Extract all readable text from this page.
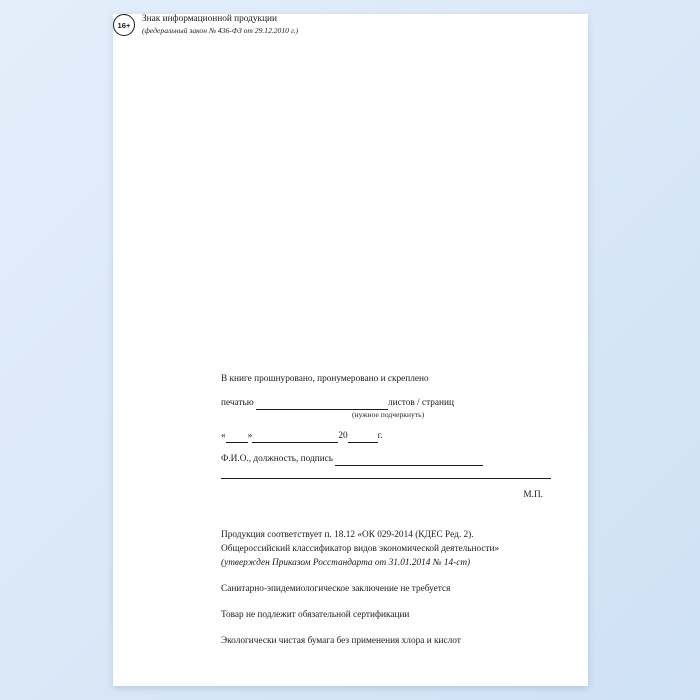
В книге прошнуровано, пронумеровано и скреплено
печатью	листов / страниц
(нужное подчеркнуть)
« »	20	г.
Ф.И.О., должность, подпись
М.П.
Продукция соответствует п. 18.12 «ОК 029-2014 (КДЕС Ред. 2).
Общероссийский классификатор видов экономической деятельности»
(утвержден Приказом Росстандарта от 31.01.2014 № 14-ст)
Санитарно-эпидемиологическое заключение не требуется
Товар не подлежит обязательной сертификации
Экологически чистая бумага без применения хлора и кислот
16+
Знак информационной продукции
(федеральный закон № 436-ФЗ от 29.12.2010 г.)
